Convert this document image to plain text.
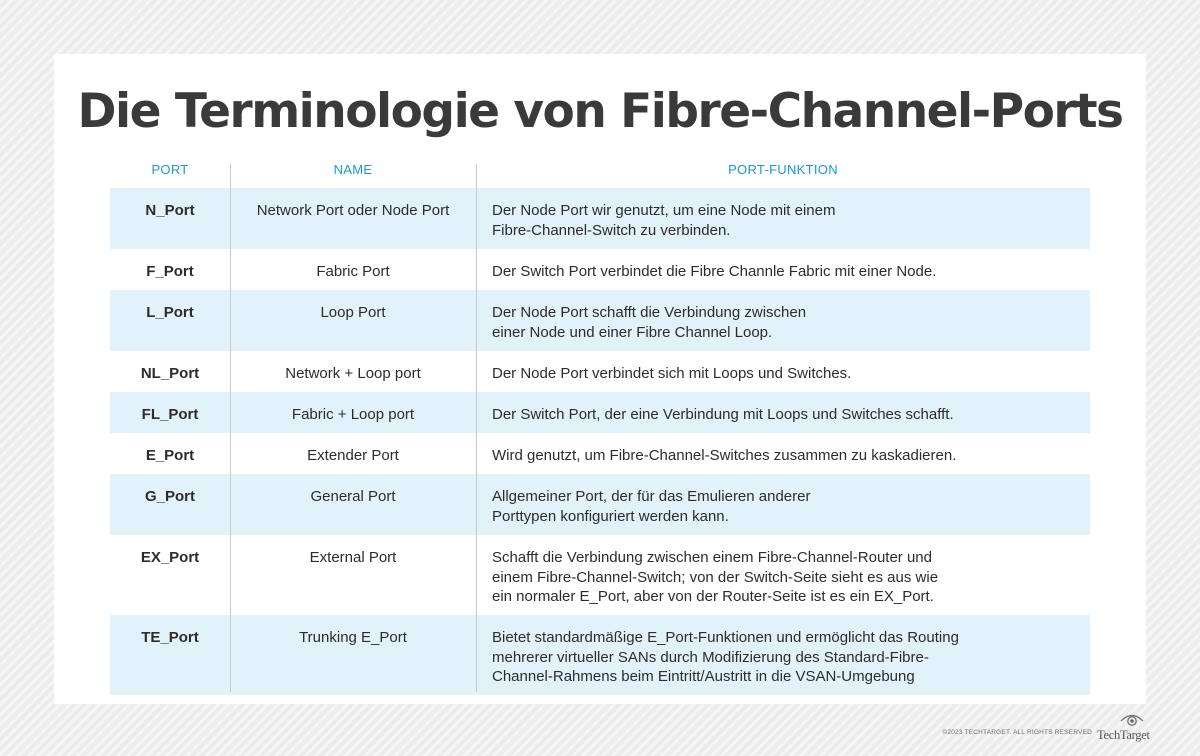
Die Terminologie von Fibre-Channel-Ports
PORT	NAME	PORT-FUNKTION
N_Port	Network Port oder Node Port	Der Node Port wir genutzt, um eine Node mit einem
Fibre-Channel-Switch zu verbinden.
F_Port	Fabric Port	Der Switch Port verbindet die Fibre Channle Fabric mit einer Node.
L_Port	Loop Port	Der Node Port schafft die Verbindung zwischen
einer Node und einer Fibre Channel Loop.
NL_Port	Network + Loop port	Der Node Port verbindet sich mit Loops und Switches.
FL_Port	Fabric + Loop port	Der Switch Port, der eine Verbindung mit Loops und Switches schafft.
E_Port	Extender Port	Wird genutzt, um Fibre-Channel-Switches zusammen zu kaskadieren.
G_Port	General Port	Allgemeiner Port, der für das Emulieren anderer
Porttypen konfiguriert werden kann.
EX_Port	External Port	Schafft die Verbindung zwischen einem Fibre-Channel-Router und
einem Fibre-Channel-Switch; von der Switch-Seite sieht es aus wie
ein normaler E_Port, aber von der Router-Seite ist es ein EX_Port.
TE_Port	Trunking E_Port	Bietet standardmäßige E_Port-Funktionen und ermöglicht das Routing
mehrerer virtueller SANs durch Modifizierung des Standard-Fibre-
Channel-Rahmens beim Eintritt/Austritt in die VSAN-Umgebung
©2023 TECHTARGET. ALL RIGHTS RESERVED TechTarget
